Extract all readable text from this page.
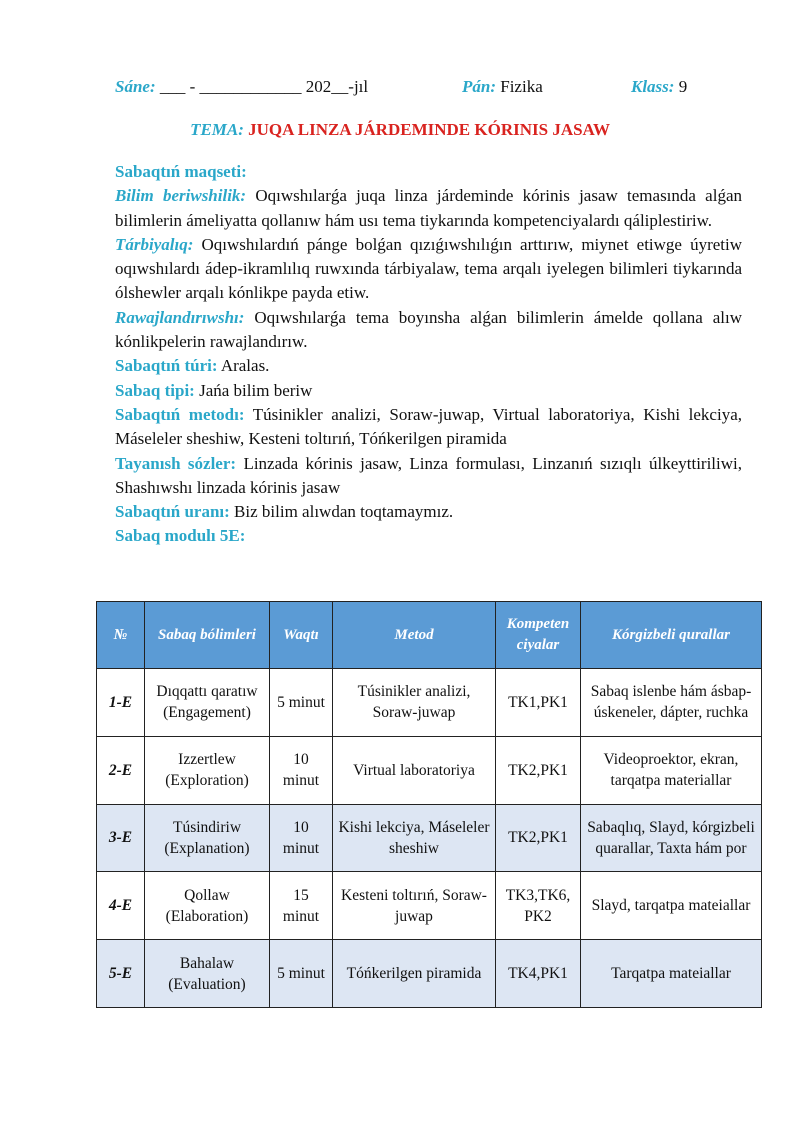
Sáne: ___ - ____________ 202__-jıl	Pán: Fizika	Klass: 9
TEMA: JUQA LINZA JÁRDEMINDE KÓRINIS JASAW

Sabaqtıń maqseti:

Bilim beriwshilik: Oqıwshılarǵa juqa linza járdeminde kórinis jasaw temasında alǵan bilimlerin ámeliyatta qollanıw hám usı tema tiykarında kompetenciyalardı qáliplestiriw.

Tárbiyalıq: Oqıwshılardıń pánge bolǵan qızıǵıwshılıǵın arttırıw, miynet etiwge úyretiw oqıwshılardı ádep-ikramlılıq ruwxında tárbiyalaw, tema arqalı iyelegen bilimleri tiykarında ólshewler arqalı kónlikpe payda etiw.

Rawajlandırıwshı: Oqıwshılarǵa tema boyınsha alǵan bilimlerin ámelde qollana alıw kónlikpelerin rawajlandırıw.

Sabaqtıń túri: Aralas.

Sabaq tipi: Jańa bilim beriw

Sabaqtıń metodı: Túsinikler analizi, Soraw-juwap, Virtual laboratoriya, Kishi lekciya, Máseleler sheshiw, Kesteni toltırıń, Tóńkerilgen piramida

Tayanısh sózler: Linzada kórinis jasaw, Linza formulası, Linzanıń sızıqlı úlkeyttiriliwi, Shashıwshı linzada kórinis jasaw

Sabaqtıń uranı: Biz bilim alıwdan toqtamaymız.

Sabaq modulı 5E:

№	Sabaq bólimleri	Waqtı	Metod	Kompeten ciyalar	Kórgizbeli qurallar
1-E	Dıqqattı qaratıw (Engagement)	5 minut	Túsinikler analizi, Soraw-juwap	TK1,PK1	Sabaq islenbe hám ásbap-úskeneler, dápter, ruchka
2-E	Izzertlew (Exploration)	10 minut	Virtual laboratoriya	TK2,PK1	Videoproektor, ekran, tarqatpa materiallar
3-E	Túsindiriw (Explanation)	10 minut	Kishi lekciya, Máseleler sheshiw	TK2,PK1	Sabaqlıq, Slayd, kórgizbeli quarallar, Taxta hám por
4-E	Qollaw (Elaboration)	15 minut	Kesteni toltırıń, Soraw-juwap	TK3,TK6, PK2	Slayd, tarqatpa mateiallar
5-E	Bahalaw (Evaluation)	5 minut	Tóńkerilgen piramida	TK4,PK1	Tarqatpa mateiallar
